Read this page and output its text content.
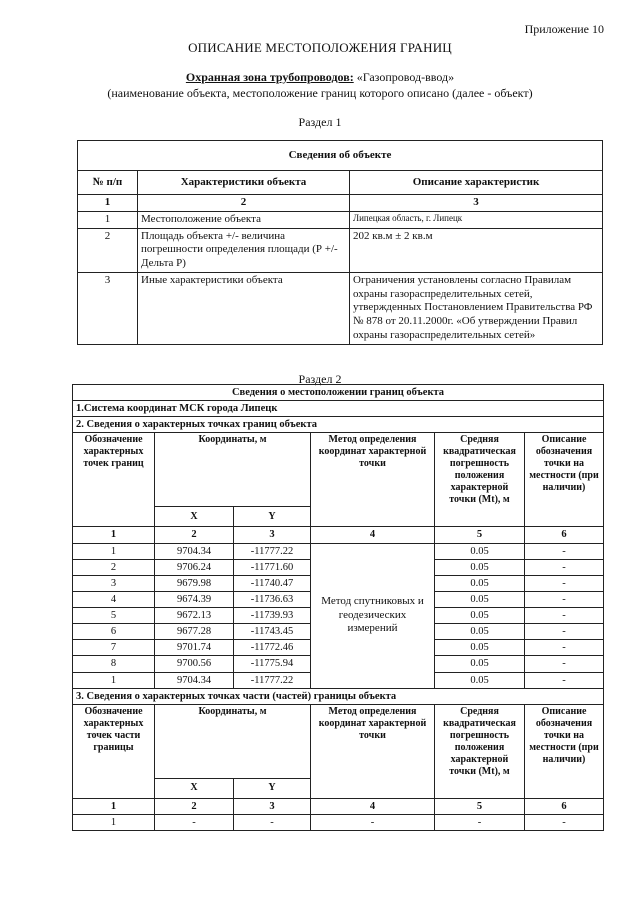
Приложение 10
ОПИСАНИЕ МЕСТОПОЛОЖЕНИЯ ГРАНИЦ
Охранная зона трубопроводов: «Газопровод-ввод»
(наименование объекта, местоположение границ которого описано (далее - объект)
Раздел 1
Сведения об объекте		
№ п/п	Характеристики объекта	Описание характеристик
1	2	3
1	Местоположение объекта	Липецкая область, г. Липецк
2	Площадь объекта +/- величина погрешности определения площади (Р +/- Дельта Р)	202 кв.м ± 2 кв.м
3	Иные характеристики объекта	Ограничения установлены согласно Правилам охраны газораспределительных сетей, утвержденных Постановлением Правительства РФ № 878 от 20.11.2000г. «Об утверждении Правил охраны газораспределительных сетей»
Раздел 2
Сведения о местоположении границ объекта					
1.Система координат МСК города Липецк					
2. Сведения о характерных точках границ объекта					
Обозначение характерных точек границ	Координаты, м		Метод определения координат характерной точки	Средняя квадратическая погрешность положения характерной точки (Mt), м	Описание обозначения точки на местности (при наличии)
	X	Y			
1	2	3	4	5	6
1	9704.34	-11777.22	Метод спутниковых и геодезических измерений	0.05	-
2	9706.24	-11771.60		0.05	-
3	9679.98	-11740.47		0.05	-
4	9674.39	-11736.63		0.05	-
5	9672.13	-11739.93		0.05	-
6	9677.28	-11743.45		0.05	-
7	9701.74	-11772.46		0.05	-
8	9700.56	-11775.94		0.05	-
1	9704.34	-11777.22		0.05	-
3. Сведения о характерных точках части (частей) границы объекта					
Обозначение характерных точек части границы	Координаты, м		Метод определения координат характерной точки	Средняя квадратическая погрешность положения характерной точки (Mt), м	Описание обозначения точки на местности (при наличии)
	X	Y			
1	2	3	4	5	6
1	-	-	-	-	-
